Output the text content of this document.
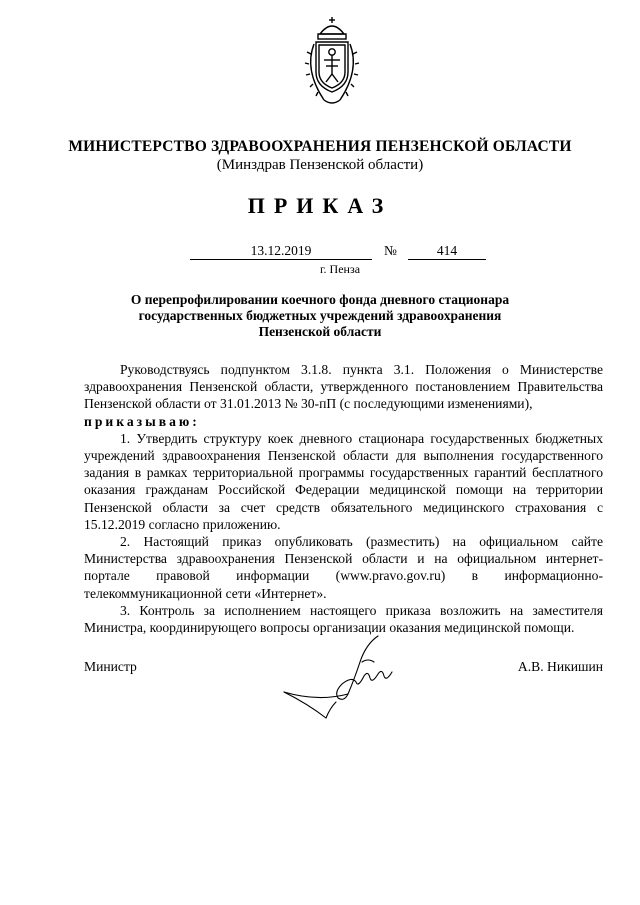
МИНИСТЕРСТВО ЗДРАВООХРАНЕНИЯ ПЕНЗЕНСКОЙ ОБЛАСТИ
(Минздрав Пензенской области)
ПРИКАЗ
13.12.2019	№	414
г. Пенза
О перепрофилировании коечного фонда дневного стационара
государственных бюджетных учреждений здравоохранения
Пензенской области

Руководствуясь подпунктом 3.1.8. пункта 3.1. Положения о Министерстве здравоохранения Пензенской области, утвержденного постановлением Правительства Пензенской области от 31.01.2013 № 30-пП (с последующими изменениями),

приказываю:

1. Утвердить структуру коек дневного стационара государственных бюджетных учреждений здравоохранения Пензенской области для выполнения государственного задания в рамках территориальной программы государственных гарантий бесплатного оказания гражданам Российской Федерации медицинской помощи на территории Пензенской области за счет средств обязательного медицинского страхования с 15.12.2019 согласно приложению.

2. Настоящий приказ опубликовать (разместить) на официальном сайте Министерства здравоохранения Пензенской области и на официальном интернет-портале правовой информации (www.pravo.gov.ru) в информационно-телекоммуникационной сети «Интернет».

3. Контроль за исполнением настоящего приказа возложить на заместителя Министра, координирующего вопросы организации оказания медицинской помощи.

Министр	А.В. Никишин
